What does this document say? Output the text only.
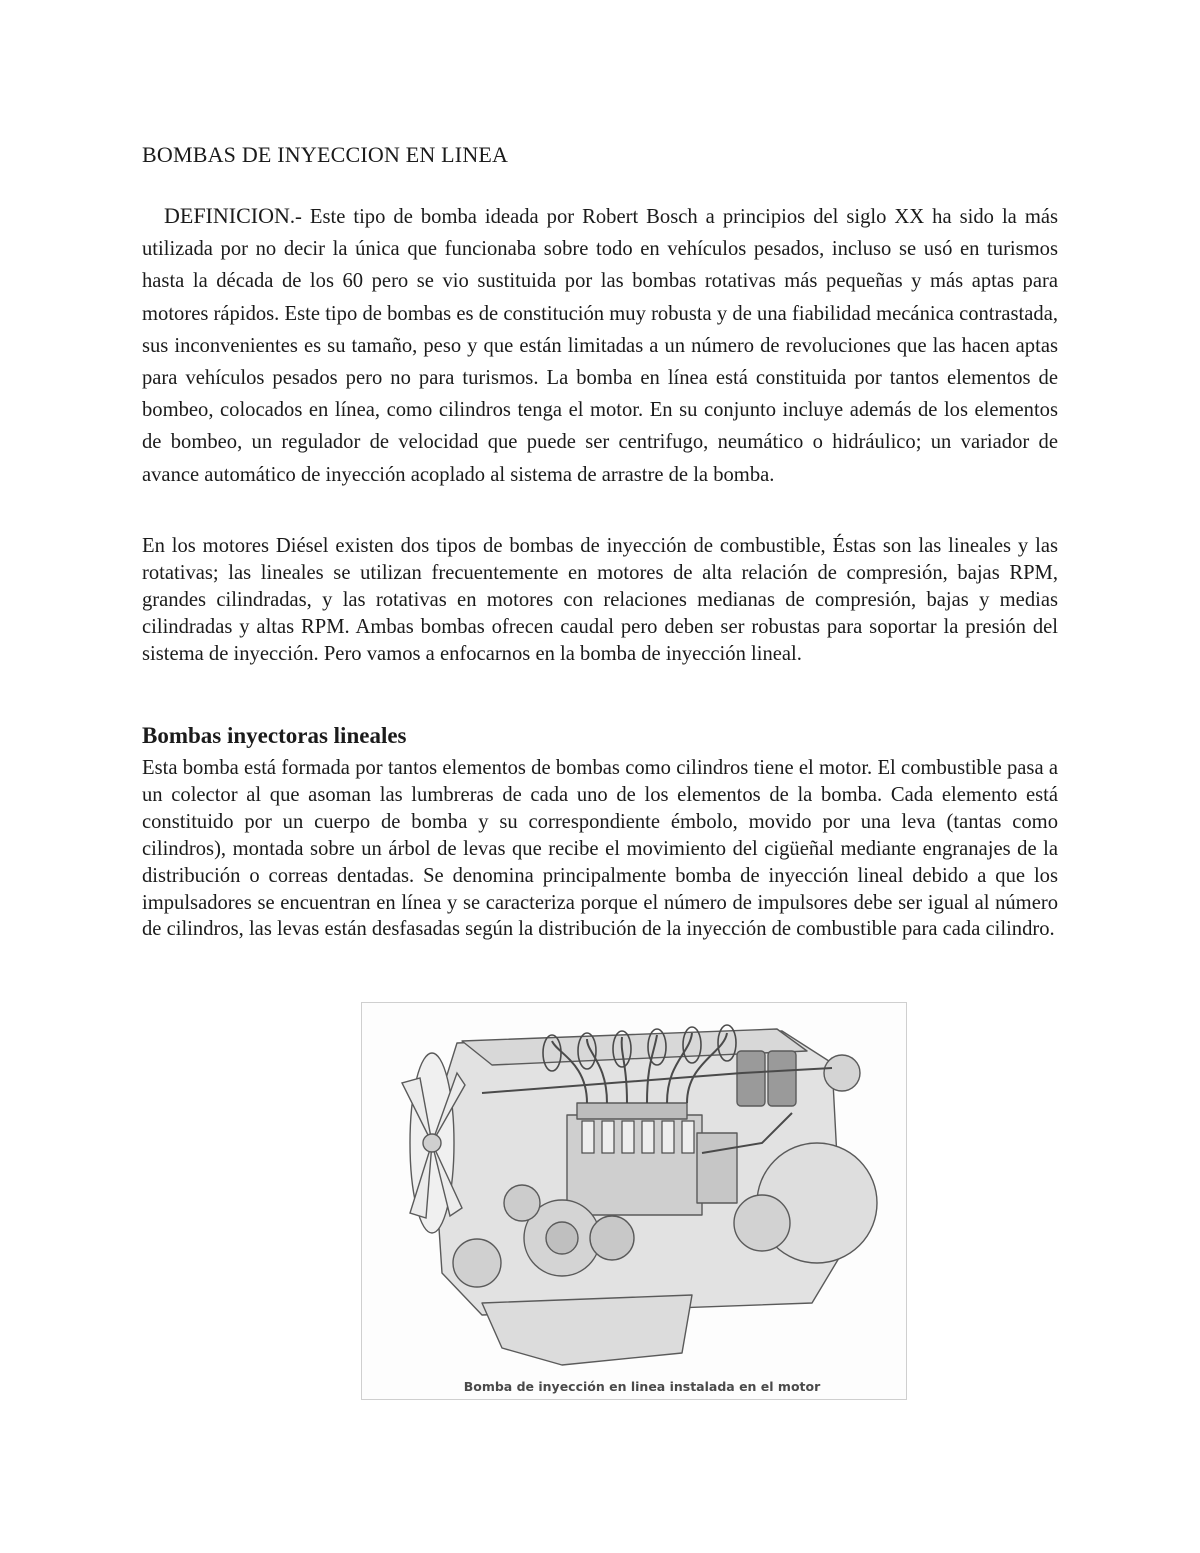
BOMBAS DE INYECCION EN LINEA

DEFINICION.- Este tipo de bomba ideada por Robert Bosch a principios del siglo XX ha sido la más utilizada por no decir la única que funcionaba sobre todo en vehículos pesados, incluso se usó en turismos hasta la década de los 60 pero se vio sustituida por las bombas rotativas más pequeñas y más aptas para motores rápidos. Este tipo de bombas es de constitución muy robusta y de una fiabilidad mecánica contrastada, sus inconvenientes es su tamaño, peso y que están limitadas a un número de revoluciones que las hacen aptas para vehículos pesados pero no para turismos. La bomba en línea está constituida por tantos elementos de bombeo, colocados en línea, como cilindros tenga el motor. En su conjunto incluye además de los elementos de bombeo, un regulador de velocidad que puede ser centrifugo, neumático o hidráulico; un variador de avance automático de inyección acoplado al sistema de arrastre de la bomba.

En los motores Diésel existen dos tipos de bombas de inyección de combustible, Éstas son las lineales y las rotativas; las lineales se utilizan frecuentemente en motores de alta relación de compresión, bajas RPM, grandes cilindradas, y las rotativas en motores con relaciones medianas de compresión, bajas y medias cilindradas y altas RPM. Ambas bombas ofrecen caudal pero deben ser robustas para soportar la presión del sistema de inyección. Pero vamos a enfocarnos en la bomba de inyección lineal.

Bombas inyectoras lineales

Esta bomba está formada por tantos elementos de bombas como cilindros tiene el motor. El combustible pasa a un colector al que asoman las lumbreras de cada uno de los elementos de la bomba. Cada elemento está constituido por un cuerpo de bomba y su correspondiente émbolo, movido por una leva (tantas como cilindros), montada sobre un árbol de levas que recibe el movimiento del cigüeñal mediante engranajes de la distribución o correas dentadas. Se denomina principalmente bomba de inyección lineal debido a que los impulsadores se encuentran en línea y se caracteriza porque el número de impulsores debe ser igual al número de cilindros, las levas están desfasadas según la distribución de la inyección de combustible para cada cilindro.

Bomba de inyección en linea instalada en el motor
